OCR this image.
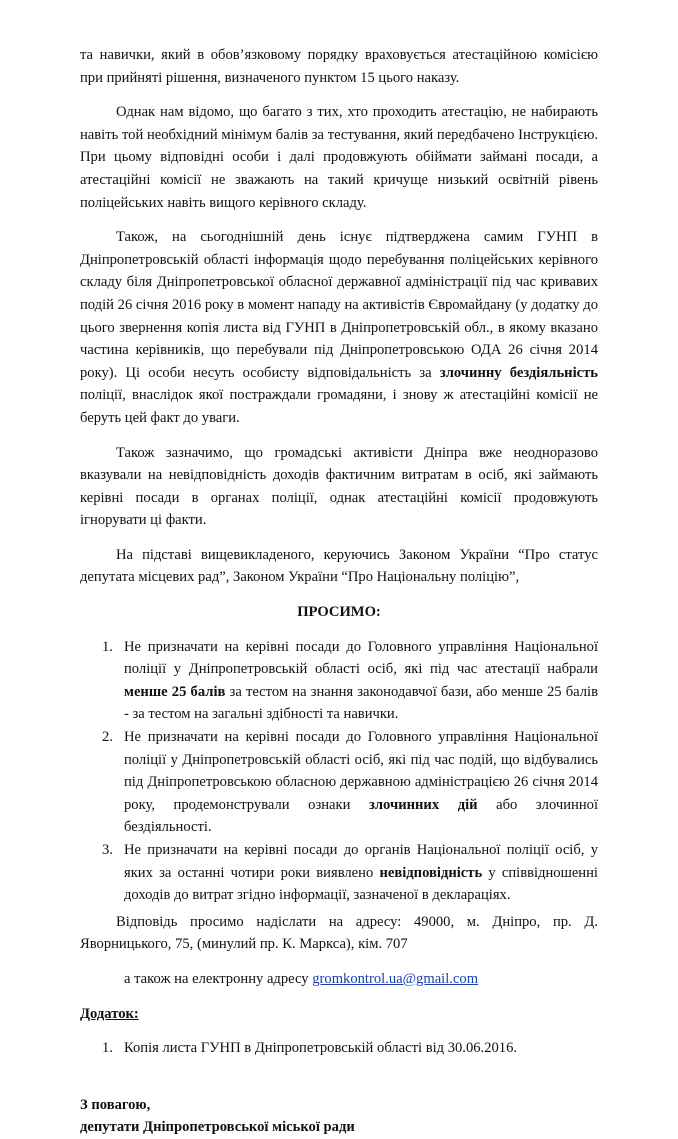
та навички, який в обов’язковому порядку враховується атестаційною комісією при прийняті рішення, визначеного пунктом 15 цього наказу.

Однак нам відомо, що багато з тих, хто проходить атестацію, не набирають навіть той необхідний мінімум балів за тестування, який передбачено Інструкцією. При цьому відповідні особи і далі продовжують обіймати займані посади, а атестаційні комісії не зважають на такий кричуще низький освітній рівень поліцейських навіть вищого керівного складу.

Також, на сьогоднішній день існує підтверджена самим ГУНП в Дніпропетровській області інформація щодо перебування поліцейських керівного складу біля Дніпропетровської обласної державної адміністрації під час кривавих подій 26 січня 2016 року в момент нападу на активістів Євромайдану (у додатку до цього звернення копія листа від ГУНП в Дніпропетровській обл., в якому вказано частина керівників, що перебували під Дніпропетровською ОДА 26 січня 2014 року). Ці особи несуть особисту відповідальність за злочинну бездіяльність поліції, внаслідок якої постраждали громадяни, і знову ж атестаційні комісії не беруть цей факт до уваги.

Також зазначимо, що громадські активісти Дніпра вже неодноразово вказували на невідповідність доходів фактичним витратам в осіб, які займають керівні посади в органах поліції, однак атестаційні комісії продовжують ігнорувати ці факти.

На підставі вищевикладеного, керуючись Законом України “Про статус депутата місцевих рад”, Законом України “Про Національну поліцію”,

ПРОСИМО:

1. Не призначати на керівні посади до Головного управління Національної поліції у Дніпропетровській області осіб, які під час атестації набрали менше 25 балів за тестом на знання законодавчої бази, або менше 25 балів - за тестом на загальні здібності та навички.
2. Не призначати на керівні посади до Головного управління Національної поліції у Дніпропетровській області осіб, які під час подій, що відбувались під Дніпропетровською обласною державною адміністрацією 26 січня 2014 року, продемонстрували ознаки злочинних дій або злочинної бездіяльності.
3. Не призначати на керівні посади до органів Національної поліції осіб, у яких за останні чотири роки виявлено невідповідність у співвідношенні доходів до витрат згідно інформації, зазначеної в деклараціях.

Відповідь просимо надіслати на адресу: 49000, м. Дніпро, пр. Д. Яворницького, 75, (минулий пр. К. Маркса), кім. 707

а також на електронну адресу gromkontrol.ua@gmail.com

Додаток:

1. Копія листа ГУНП в Дніпропетровській області від 30.06.2016.

З повагою,

депутати Дніпропетровської міської ради
